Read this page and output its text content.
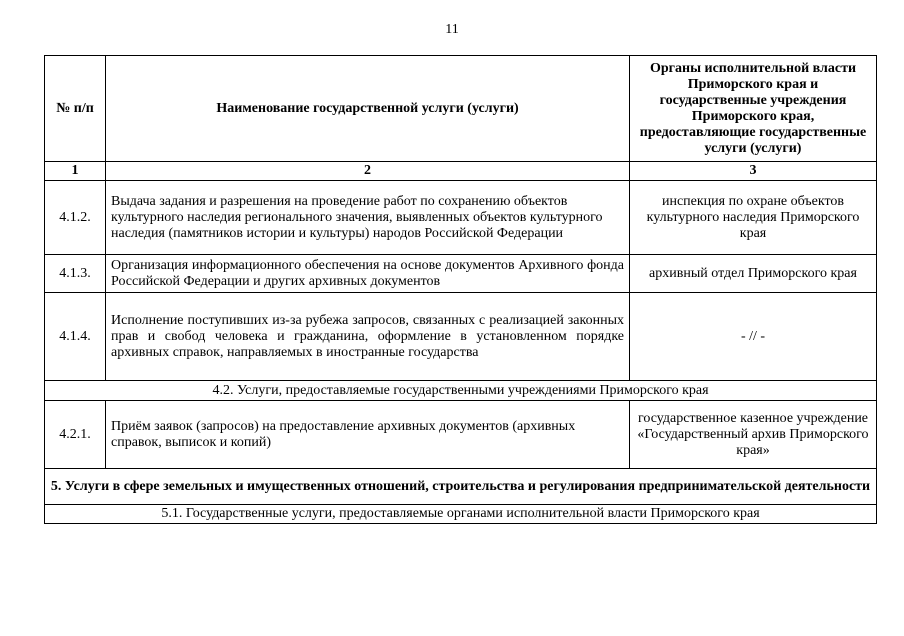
11
№ п/п	Наименование государственной услуги (услуги)	Органы исполнительной власти Приморского края и государственные учреждения Приморского края, предоставляющие государственные услуги (услуги)
1	2	3
4.1.2.	Выдача задания и разрешения на проведение работ по сохранению объектов культурного наследия регионального значения, выявленных объектов культурного наследия (памятников истории и культуры) народов Российской Федерации	инспекция по охране объектов культурного наследия Приморского края
4.1.3.	Организация информационного обеспечения на основе документов Архивного фонда Российской Федерации и других архивных документов	архивный отдел Приморского края
4.1.4.	Исполнение поступивших из-за рубежа запросов, связанных с реализацией законных прав и свобод человека и гражданина, оформление в установленном порядке архивных справок, направляемых в иностранные государства	- // -
4.2. Услуги, предоставляемые государственными учреждениями Приморского края		
4.2.1.	Приём заявок (запросов) на предоставление архивных документов (архивных справок, выписок и копий)	государственное казенное учреждение «Государственный архив Приморского края»
5. Услуги в сфере земельных и имущественных отношений, строительства и регулирования предпринимательской деятельности		
5.1. Государственные услуги, предоставляемые органами исполнительной власти Приморского края		
